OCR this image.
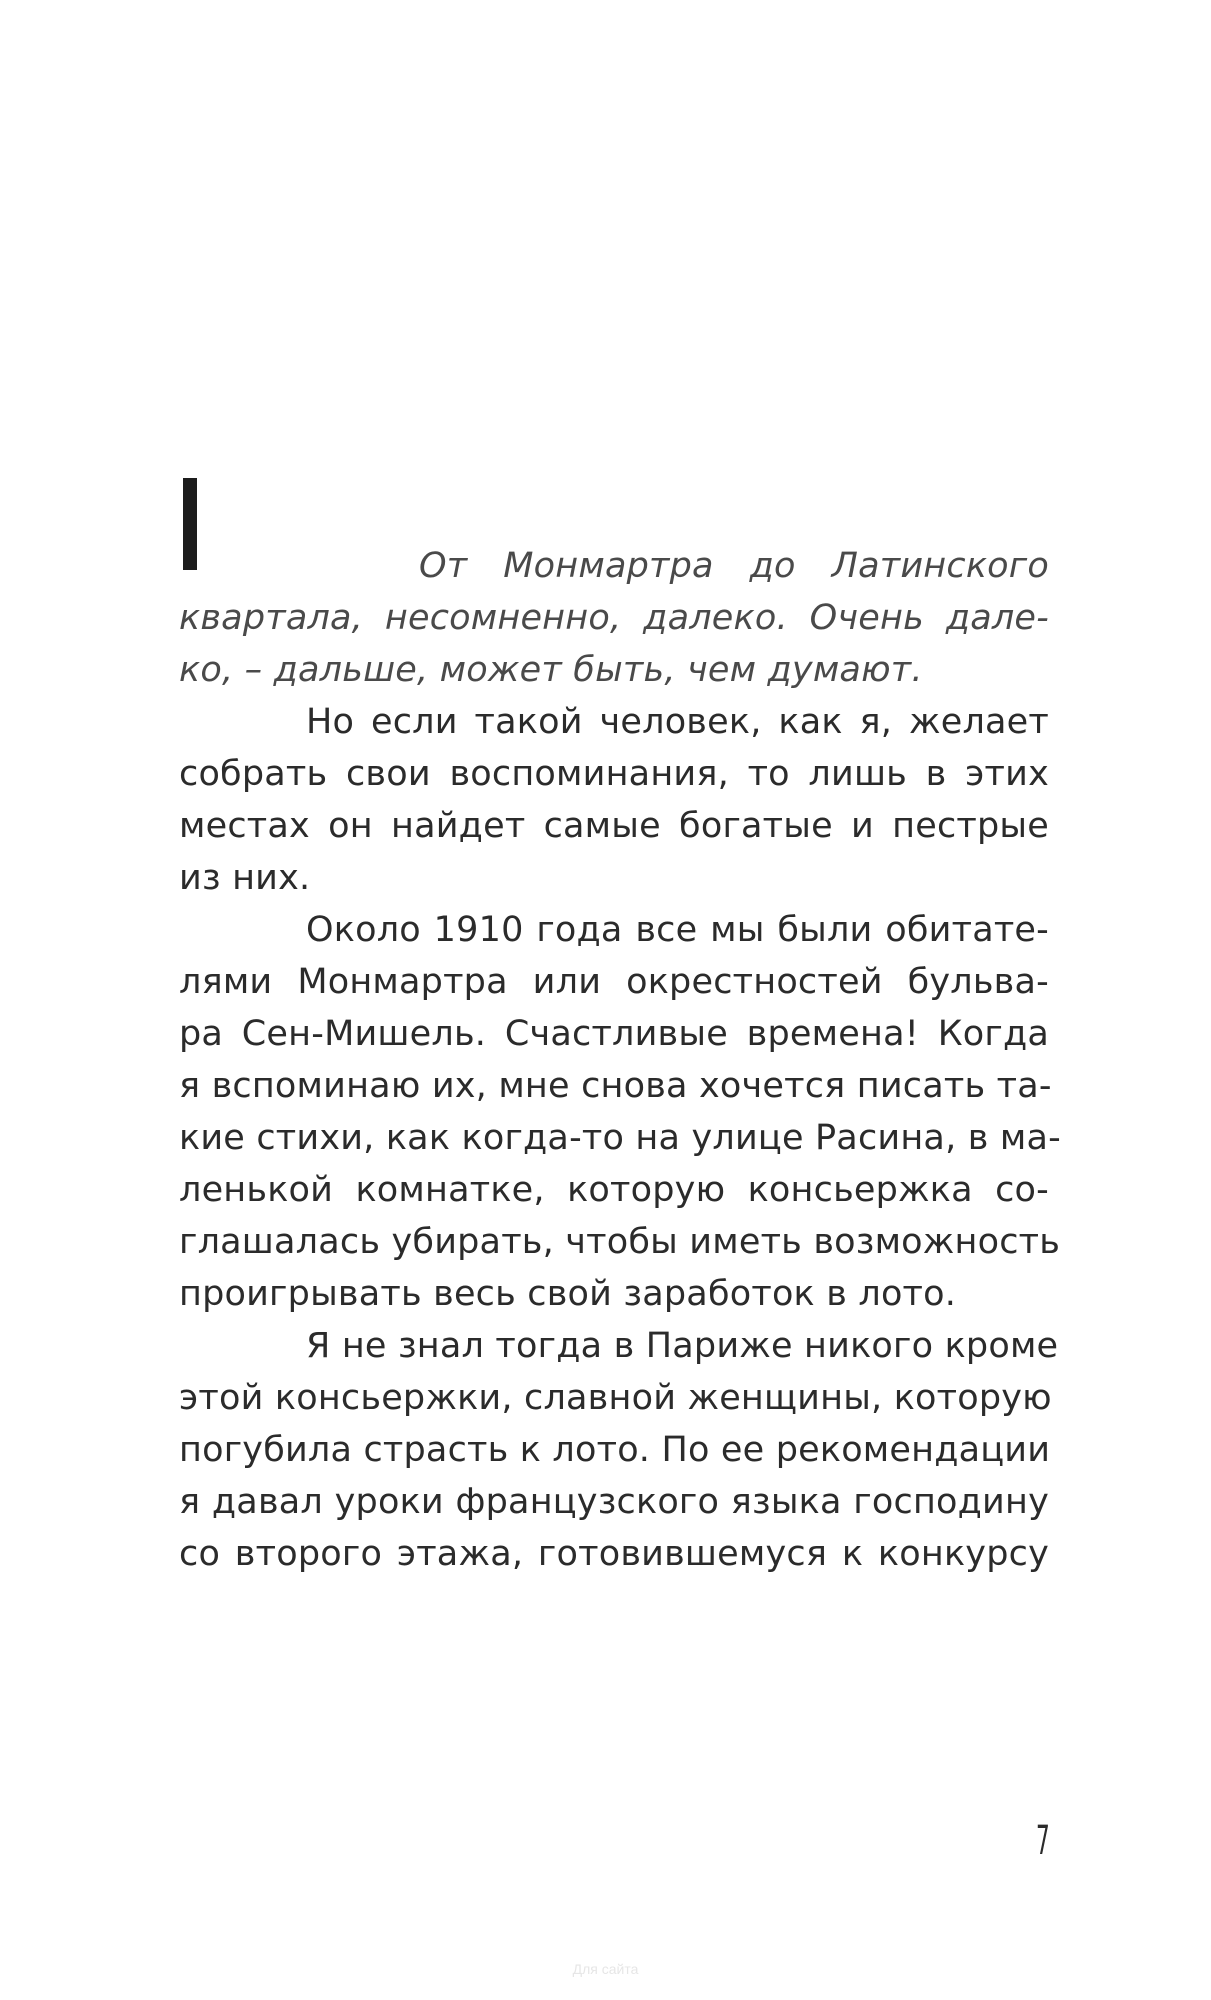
От Монмартра до Латинского
квартала, несомненно, далеко. Очень дале-
ко, – дальше, может быть, чем думают.
Но если такой человек, как я, желает
собрать свои воспоминания, то лишь в этих
местах он найдет самые богатые и пестрые
из них.
Около 1910 года все мы были обитате-
лями Монмартра или окрестностей бульва-
ра Сен-Мишель. Счастливые времена! Когда
я вспоминаю их, мне снова хочется писать та-
кие стихи, как когда-то на улице Расина, в ма-
ленькой комнатке, которую консьержка со-
глашалась убирать, чтобы иметь возможность
проигрывать весь свой заработок в лото.
Я не знал тогда в Париже никого кроме
этой консьержки, славной женщины, которую
погубила страсть к лото. По ее рекомендации
я давал уроки французского языка господину
со второго этажа, готовившемуся к конкурсу
7
Для сайта
